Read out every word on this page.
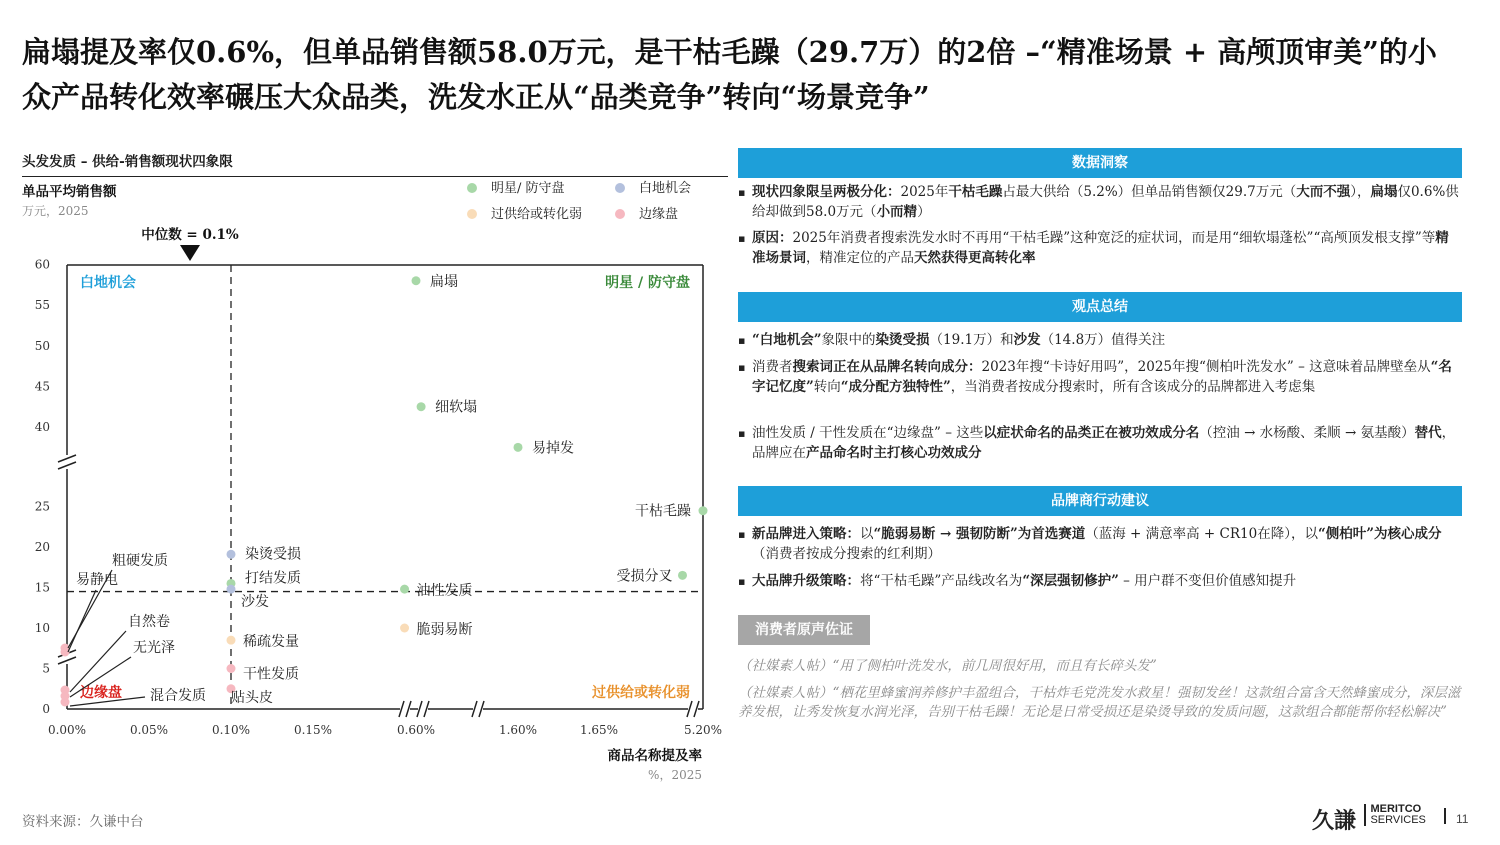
扁塌提及率仅0.6%，但单品销售额58.0万元，是干枯毛躁（29.7万）的2倍 –“精准场景 + 高颅顶审美”的小众产品转化效率碾压大众品类，洗发水正从“品类竞争”转向“场景竞争”
头发发质 – 供给-销售额现状四象限
0
5
10
15
20
25
40
45
50
55
60
0.00%	0.05%	0.10%	0.15%	0.60%	1.60%	1.65%	5.20%
单品平均销售额
万元，2025
商品名称提及率
%，2025
中位数 = 0.1%
白地机会	明星 / 防守盘
边缘盘	过供给或转化弱
明星/ 防守盘	白地机会
过供给或转化弱	边缘盘
扁塌
细软塌
易掉发
干枯毛躁
受损分叉
油性发质
染烫受损
打结发质
沙发
脆弱易断
稀疏发量
干性发质
贴头皮
粗硬发质
易静电
自然卷
无光泽
混合发质
数据洞察
▪ 现状四象限呈两极分化：2025年干枯毛躁占最大供给（5.2%）但单品销售额仅29.7万元（大而不强），扁塌仅0.6%供给却做到58.0万元（小而精）
▪ 原因：2025年消费者搜索洗发水时不再用“干枯毛躁”这种宽泛的症状词，而是用“细软塌蓬松”“高颅顶发根支撑”等精准场景词，精准定位的产品天然获得更高转化率
观点总结
▪ “白地机会”象限中的染烫受损（19.1万）和沙发（14.8万）值得关注
▪ 消费者搜索词正在从品牌名转向成分：2023年搜“卡诗好用吗”，2025年搜“侧柏叶洗发水” – 这意味着品牌壁垒从“名字记忆度”转向“成分配方独特性”，当消费者按成分搜索时，所有含该成分的品牌都进入考虑集
▪ 油性发质 / 干性发质在“边缘盘” – 这些以症状命名的品类正在被功效成分名（控油 → 水杨酸、柔顺 → 氨基酸）替代，品牌应在产品命名时主打核心功效成分
品牌商行动建议
▪ 新品牌进入策略：以“脆弱易断 → 强韧防断”为首选赛道（蓝海 + 满意率高 + CR10在降），以“侧柏叶”为核心成分（消费者按成分搜索的红利期）
▪ 大品牌升级策略：将“干枯毛躁”产品线改名为“深层强韧修护” – 用户群不变但价值感知提升
消费者原声佐证
（社媒素人帖）“用了侧柏叶洗发水，前几周很好用，而且有长碎头发”
（社媒素人帖）“栖花里蜂蜜润养修护丰盈组合，干枯炸毛党洗发水救星！强韧发丝！这款组合富含天然蜂蜜成分，深层滋养发根，让秀发恢复水润光泽，告别干枯毛躁！无论是日常受损还是染烫导致的发质问题，这款组合都能帮你轻松解决”
资料来源：久谦中台	久謙 MERITCO
SERVICES	11
